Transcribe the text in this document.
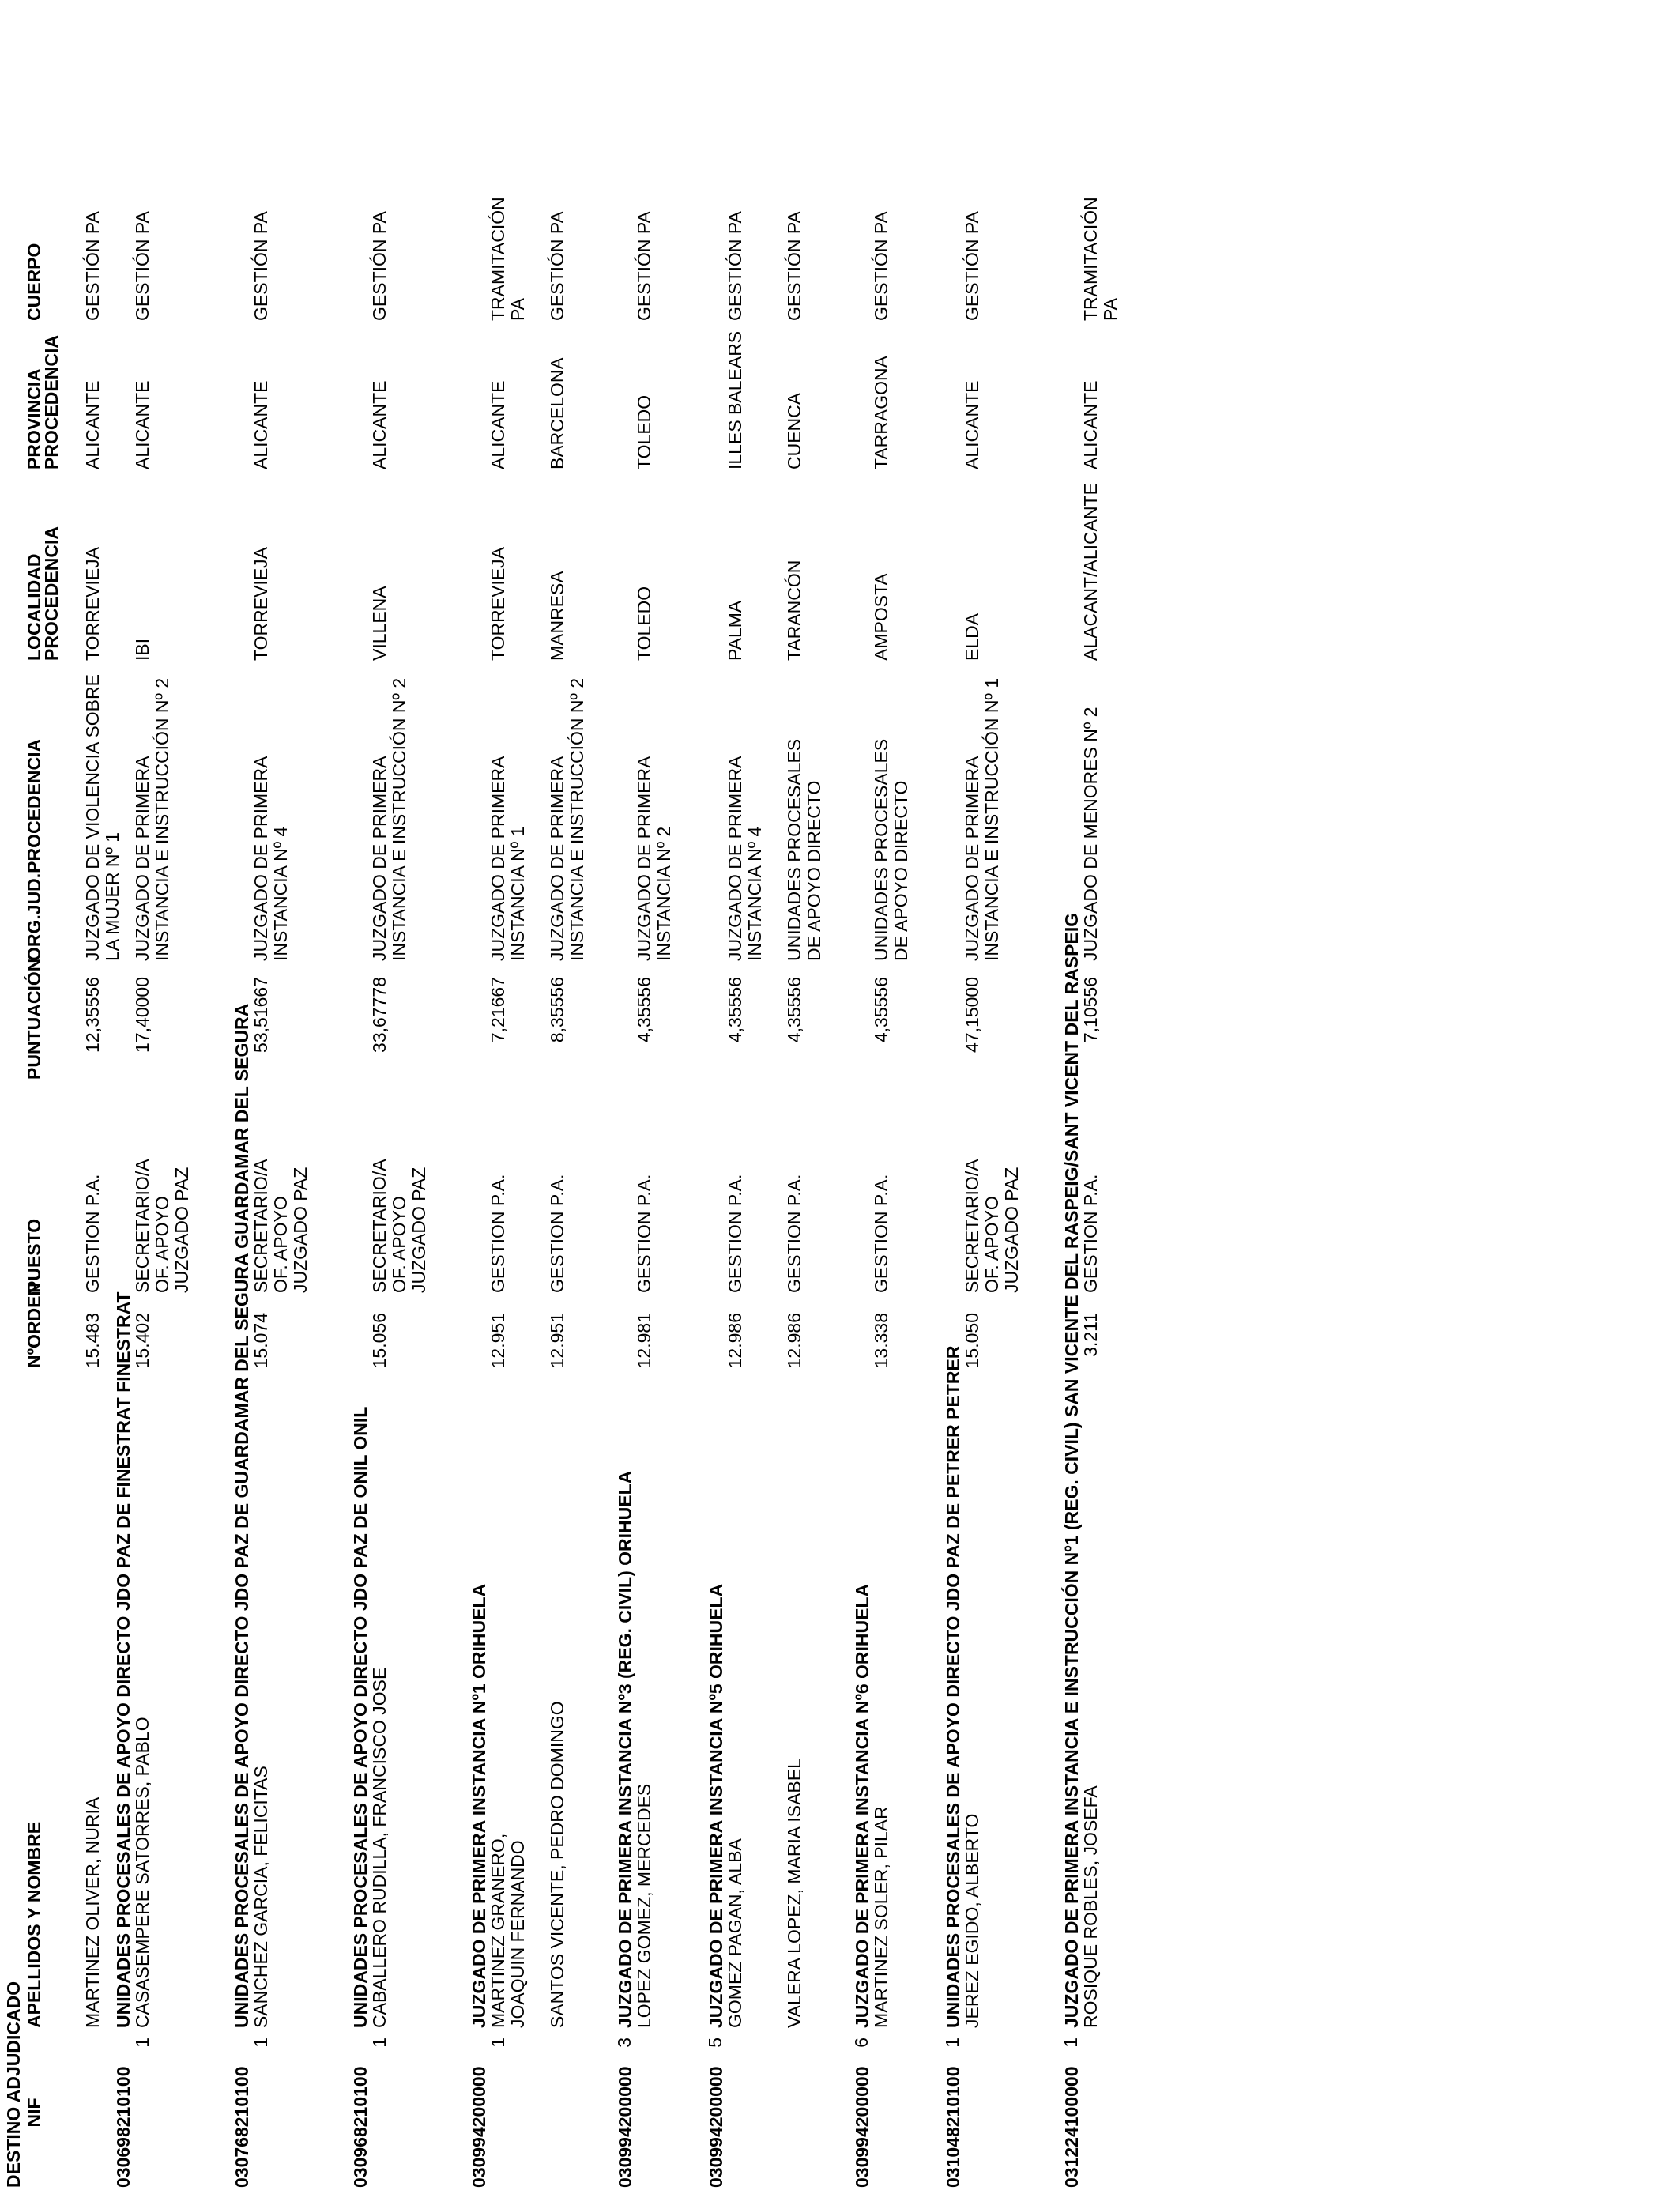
DESTINO ADJUDICADO NIF
APELLIDOS Y NOMBRE
NºORDEN
PUESTO
PUNTUACIÓN
ORG.JUD.PROCEDENCIA
LOCALIDAD
PROCEDENCIA
PROVINCIA
PROCEDENCIA
CUERPO
MARTINEZ OLIVER, NURIA
15.483
GESTION P.A.
12,35556
JUZGADO DE VIOLENCIA SOBRE LA MUJER Nº 1
TORREVIEJA
ALICANTE
GESTIÓN PA
030698210100
UNIDADES PROCESALES DE APOYO DIRECTO JDO PAZ DE FINESTRAT FINESTRAT
1
CASASEMPERE SATORRES, PABLO
15.402
SECRETARIO/A OF. APOYO JUZGADO PAZ
17,40000
JUZGADO DE PRIMERA INSTANCIA E INSTRUCCIÓN Nº 2
IBI
ALICANTE
GESTIÓN PA
030768210100
UNIDADES PROCESALES DE APOYO DIRECTO JDO PAZ DE GUARDAMAR DEL SEGURA GUARDAMAR DEL SEGURA
1
SANCHEZ GARCIA, FELICITAS
15.074
SECRETARIO/A OF. APOYO JUZGADO PAZ
53,51667
JUZGADO DE PRIMERA INSTANCIA Nº 4
TORREVIEJA
ALICANTE
GESTIÓN PA
030968210100
UNIDADES PROCESALES DE APOYO DIRECTO JDO PAZ DE ONIL ONIL
1
CABALLERO RUDILLA, FRANCISCO JOSE
15.056
SECRETARIO/A OF. APOYO JUZGADO PAZ
33,67778
JUZGADO DE PRIMERA INSTANCIA E INSTRUCCIÓN Nº 2
VILLENA
ALICANTE
GESTIÓN PA
030994200000
JUZGADO DE PRIMERA INSTANCIA Nº1 ORIHUELA
1
MARTINEZ GRANERO, JOAQUIN FERNANDO
12.951
GESTION P.A.
7,21667
JUZGADO DE PRIMERA INSTANCIA Nº 1
TORREVIEJA
ALICANTE
TRAMITACIÓN PA
SANTOS VICENTE, PEDRO DOMINGO
12.951
GESTION P.A.
8,35556
JUZGADO DE PRIMERA INSTANCIA E INSTRUCCIÓN Nº 2
MANRESA
BARCELONA
GESTIÓN PA
030994200000
JUZGADO DE PRIMERA INSTANCIA Nº3 (REG. CIVIL) ORIHUELA
3
LOPEZ GOMEZ, MERCEDES
12.981
GESTION P.A.
4,35556
JUZGADO DE PRIMERA INSTANCIA Nº 2
TOLEDO
TOLEDO
GESTIÓN PA
030994200000
JUZGADO DE PRIMERA INSTANCIA Nº5 ORIHUELA
5
GOMEZ PAGAN, ALBA
12.986
GESTION P.A.
4,35556
JUZGADO DE PRIMERA INSTANCIA Nº 4
PALMA
ILLES BALEARS
GESTIÓN PA
VALERA LOPEZ, MARIA ISABEL
12.986
GESTION P.A.
4,35556
UNIDADES PROCESALES DE APOYO DIRECTO
TARANCÓN
CUENCA
GESTIÓN PA
030994200000
JUZGADO DE PRIMERA INSTANCIA Nº6 ORIHUELA
6
MARTINEZ SOLER, PILAR
13.338
GESTION P.A.
4,35556
UNIDADES PROCESALES DE APOYO DIRECTO
AMPOSTA
TARRAGONA
GESTIÓN PA
031048210100
UNIDADES PROCESALES DE APOYO DIRECTO JDO PAZ DE PETRER PETRER
1
JEREZ EGIDO, ALBERTO
15.050
SECRETARIO/A OF. APOYO JUZGADO PAZ
47,15000
JUZGADO DE PRIMERA INSTANCIA E INSTRUCCIÓN Nº 1
ELDA
ALICANTE
GESTIÓN PA
031224100000
JUZGADO DE PRIMERA INSTANCIA E INSTRUCCIÓN Nº1 (REG. CIVIL) SAN VICENTE DEL RASPEIG/SANT VICENT DEL RASPEIG
1
ROSIQUE ROBLES, JOSEFA
3.211
GESTION P.A.
7,10556
JUZGADO DE MENORES Nº 2
ALACANT/ALICANTE
ALICANTE
TRAMITACIÓN PA
